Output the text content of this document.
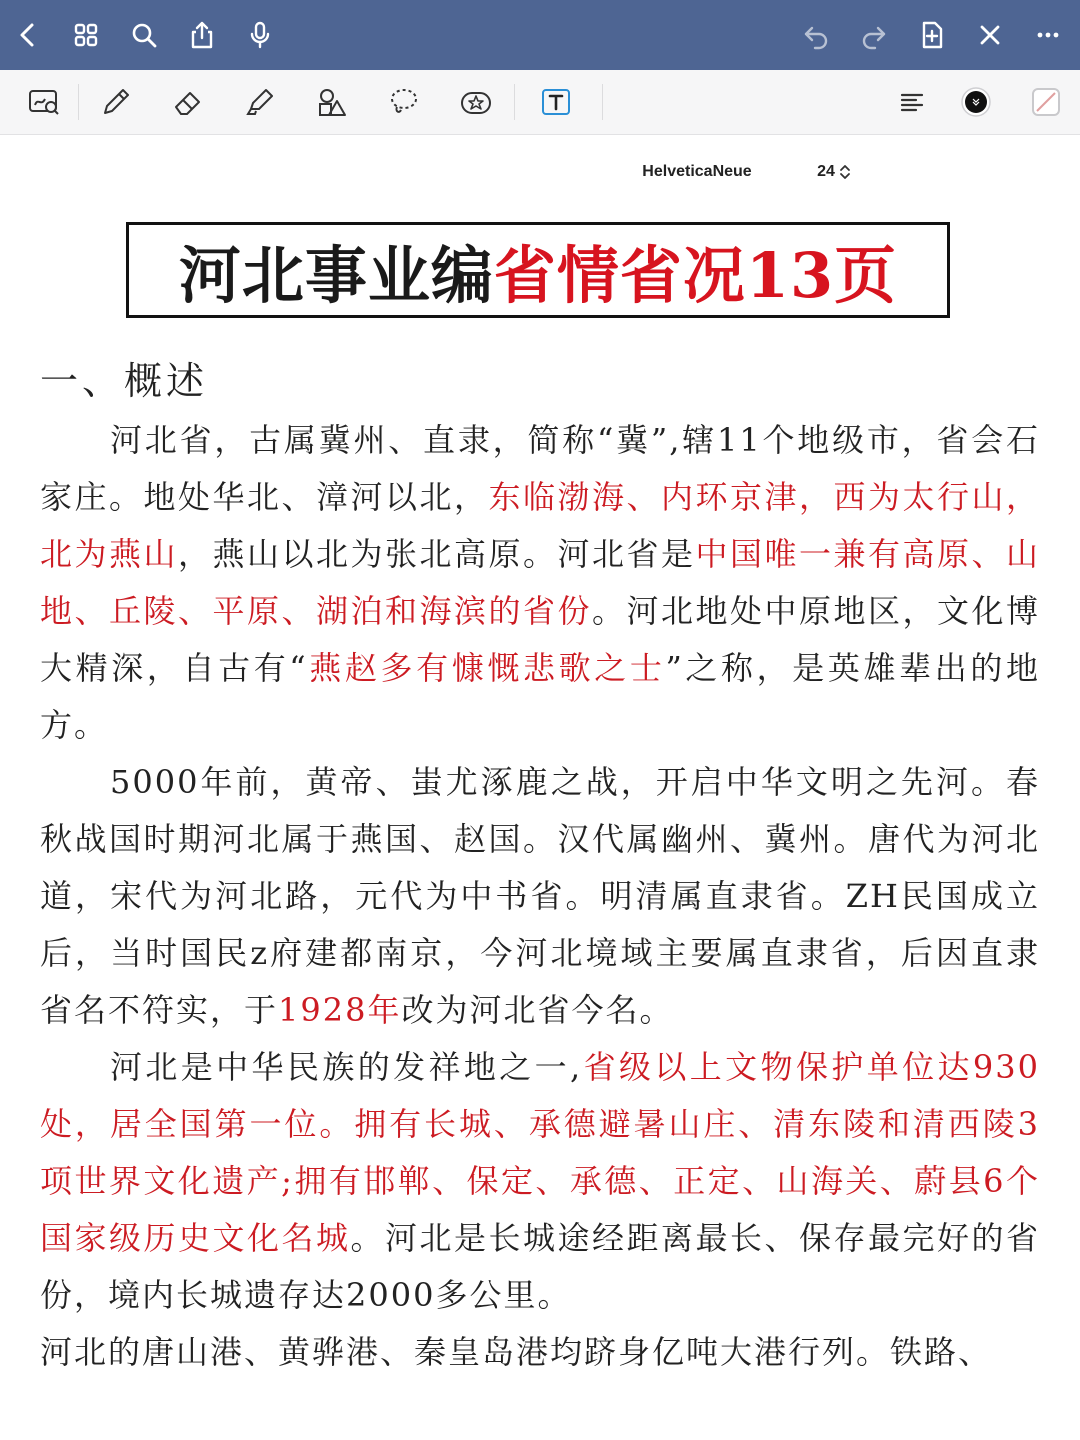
HelveticaNeue	24
河北事业编 省情省况13页
一、概述

河北省，古属冀州、直隶，简称“冀”,辖11个地级市，省会石家庄。地处华北、漳河以北，东临渤海、内环京津，西为太行山，北为燕山，燕山以北为张北高原。河北省是中国唯一兼有高原、山地、丘陵、平原、湖泊和海滨的省份。河北地处中原地区，文化博大精深，自古有“燕赵多有慷慨悲歌之士”之称，是英雄辈出的地方。

5000年前，黄帝、蚩尤涿鹿之战，开启中华文明之先河。春秋战国时期河北属于燕国、赵国。汉代属幽州、冀州。唐代为河北道，宋代为河北路，元代为中书省。明清属直隶省。ZH民国成立后，当时国民z府建都南京，今河北境域主要属直隶省，后因直隶省名不符实，于1928年改为河北省今名。

河北是中华民族的发祥地之一,省级以上文物保护单位达930处，居全国第一位。拥有长城、承德避暑山庄、清东陵和清西陵3项世界文化遗产;拥有邯郸、保定、承德、正定、山海关、蔚县6个国家级历史文化名城。河北是长城途经距离最长、保存最完好的省份，境内长城遗存达2000多公里。

河北的唐山港、黄骅港、秦皇岛港均跻身亿吨大港行列。铁路、
